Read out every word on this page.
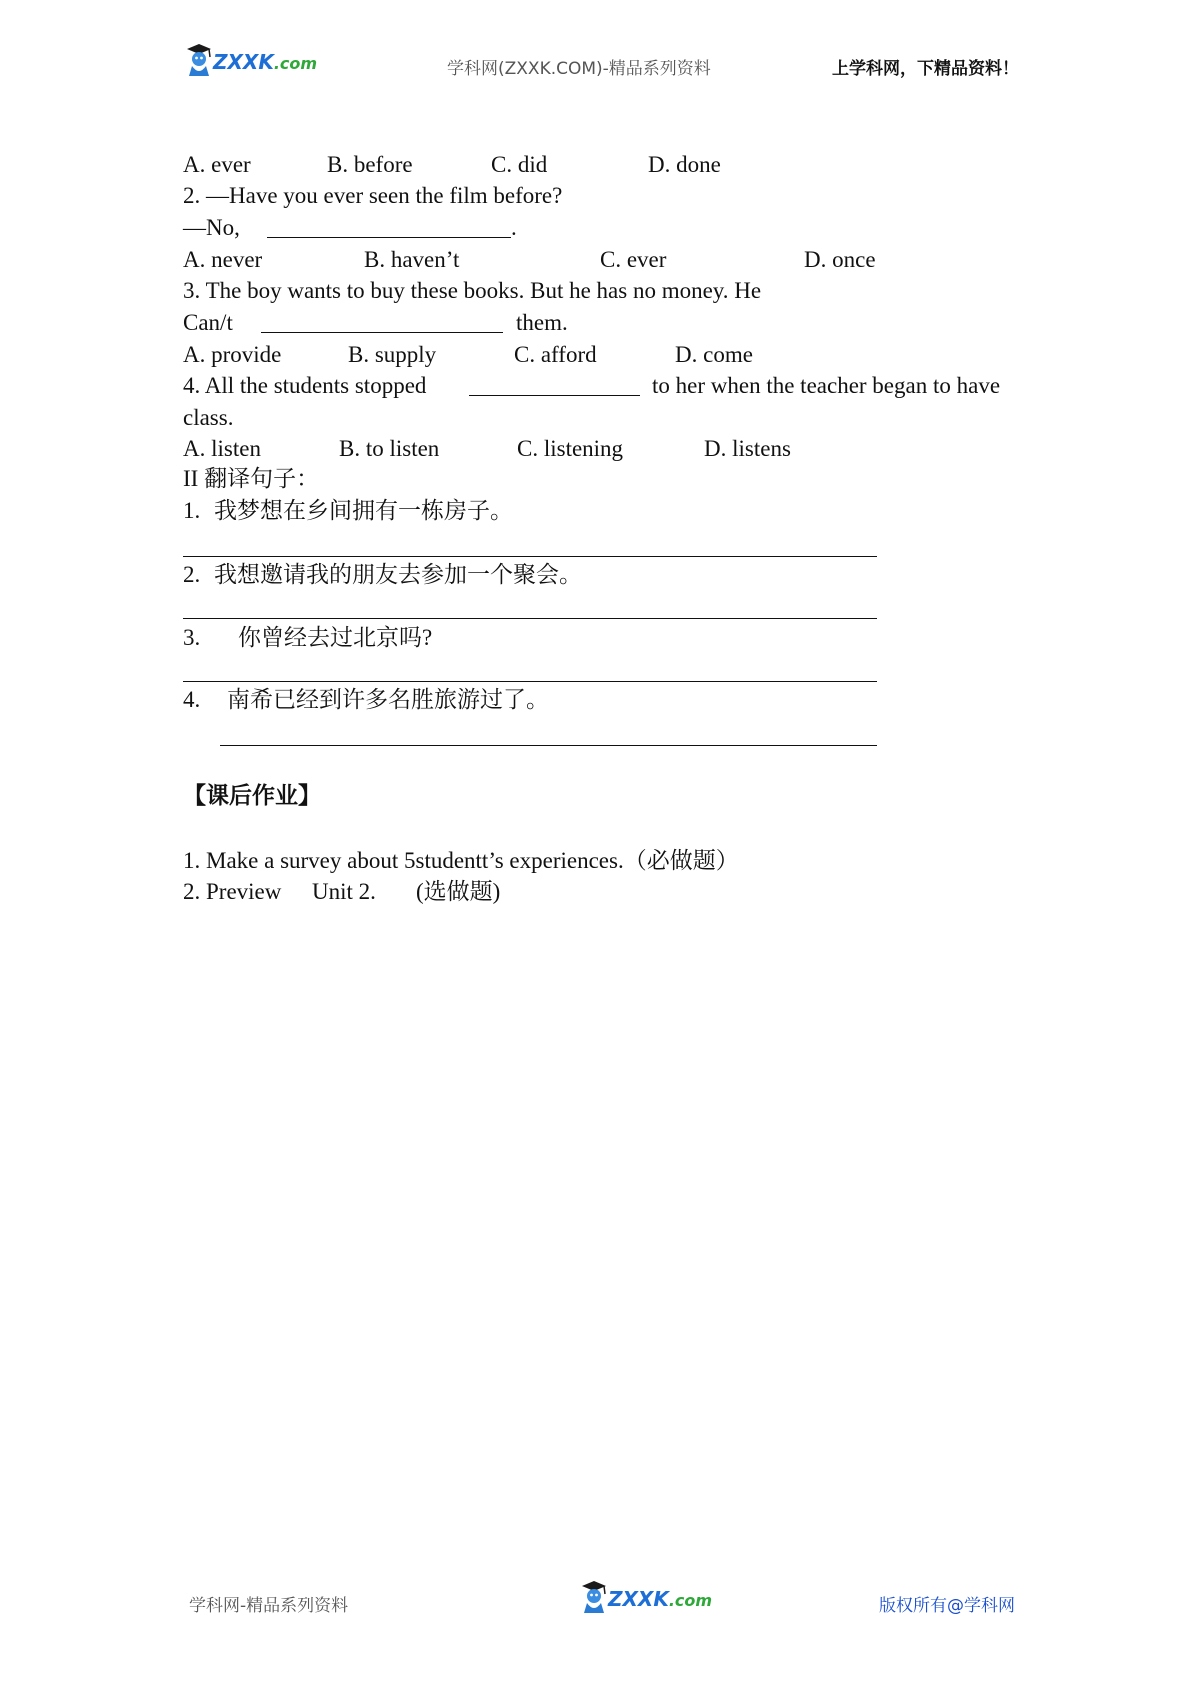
ZXXK.com	学科网(ZXXK.COM)-精品系列资料	上学科网，下精品资料！
A. ever	B. before	C. did	D. done
2. —Have you ever seen the film before?
—No,	.
A. never	B. haven’t	C. ever	D. once
3. The boy wants to buy these books. But he has no money. He
Can/t	them.
A. provide	B. supply	C. afford	D. come
4. All the students stopped	to her when the teacher began to have
class.
A. listen	B. to listen	C. listening	D. listens
II 翻译句子：
1. 我梦想在乡间拥有一栋房子。
2. 我想邀请我的朋友去参加一个聚会。
3. 你曾经去过北京吗?
4. 南希已经到许多名胜旅游过了。
【课后作业】
1. Make a survey about 5studentt’s experiences.（必做题）
2. Preview Unit 2. (选做题)
学科网-精品系列资料	ZXXK.com	版权所有@学科网
